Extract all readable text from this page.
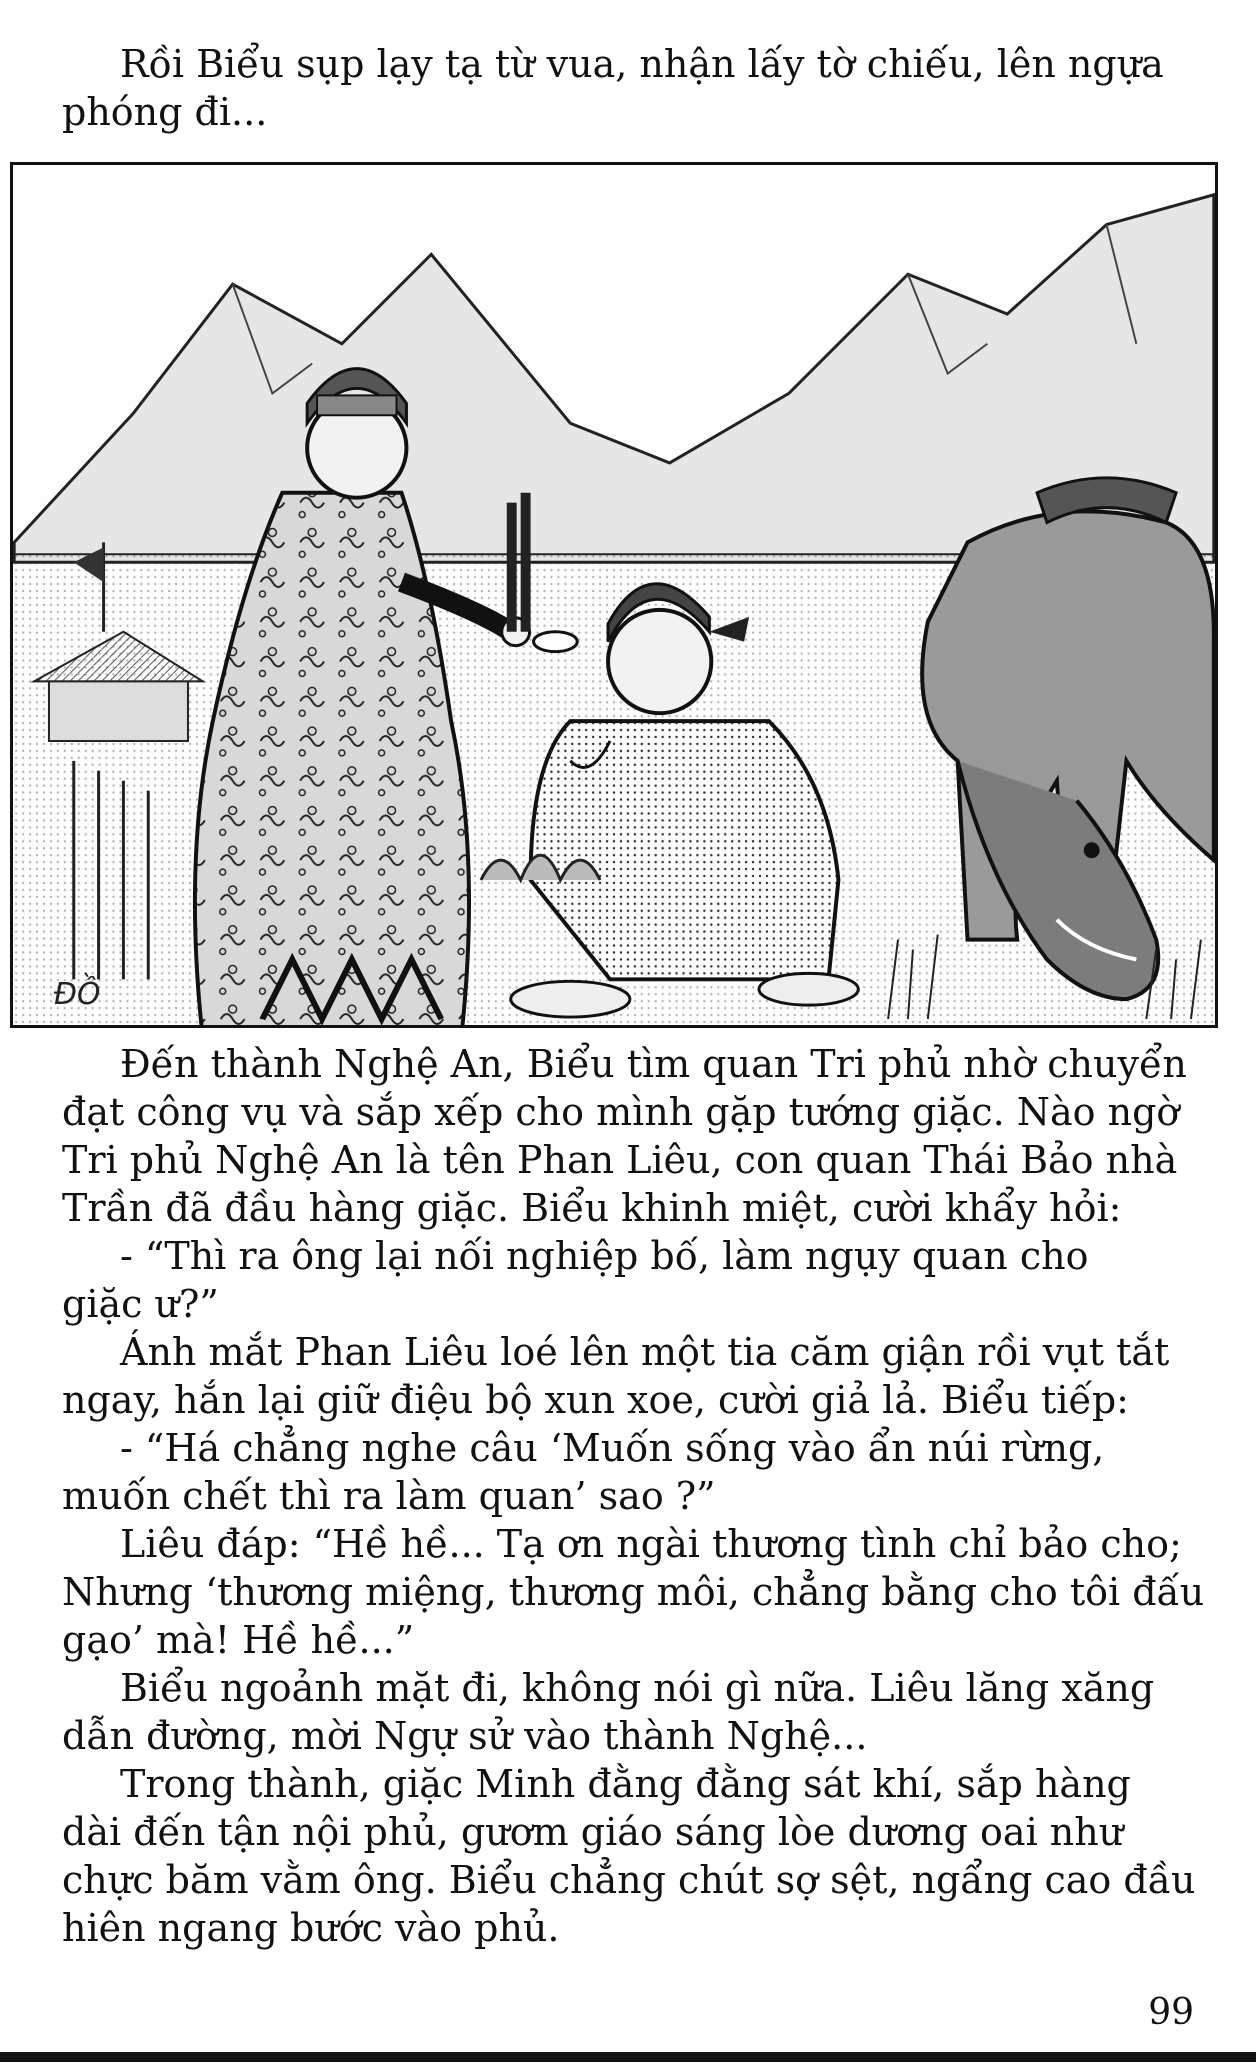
Rồi Biểu sụp lạy tạ từ vua, nhận lấy tờ chiếu, lên ngựa
phóng đi...

ĐỒ
Đến thành Nghệ An, Biểu tìm quan Tri phủ nhờ chuyển
đạt công vụ và sắp xếp cho mình gặp tướng giặc. Nào ngờ
Tri phủ Nghệ An là tên Phan Liêu, con quan Thái Bảo nhà
Trần đã đầu hàng giặc. Biểu khinh miệt, cười khẩy hỏi:
- “Thì ra ông lại nối nghiệp bố, làm ngụy quan cho
giặc ư?”
Ánh mắt Phan Liêu loé lên một tia căm giận rồi vụt tắt
ngay, hắn lại giữ điệu bộ xun xoe, cười giả lả. Biểu tiếp:
- “Há chẳng nghe câu ‘Muốn sống vào ẩn núi rừng,
muốn chết thì ra làm quan’ sao ?”
Liêu đáp: “Hề hề... Tạ ơn ngài thương tình chỉ bảo cho;
Nhưng ‘thương miệng, thương môi, chẳng bằng cho tôi đấu
gạo’ mà! Hề hề...”
Biểu ngoảnh mặt đi, không nói gì nữa. Liêu lăng xăng
dẫn đường, mời Ngự sử vào thành Nghệ...
Trong thành, giặc Minh đằng đằng sát khí, sắp hàng
dài đến tận nội phủ, gươm giáo sáng lòe dương oai như
chực băm vằm ông. Biểu chẳng chút sợ sệt, ngẩng cao đầu
hiên ngang bước vào phủ.
99
